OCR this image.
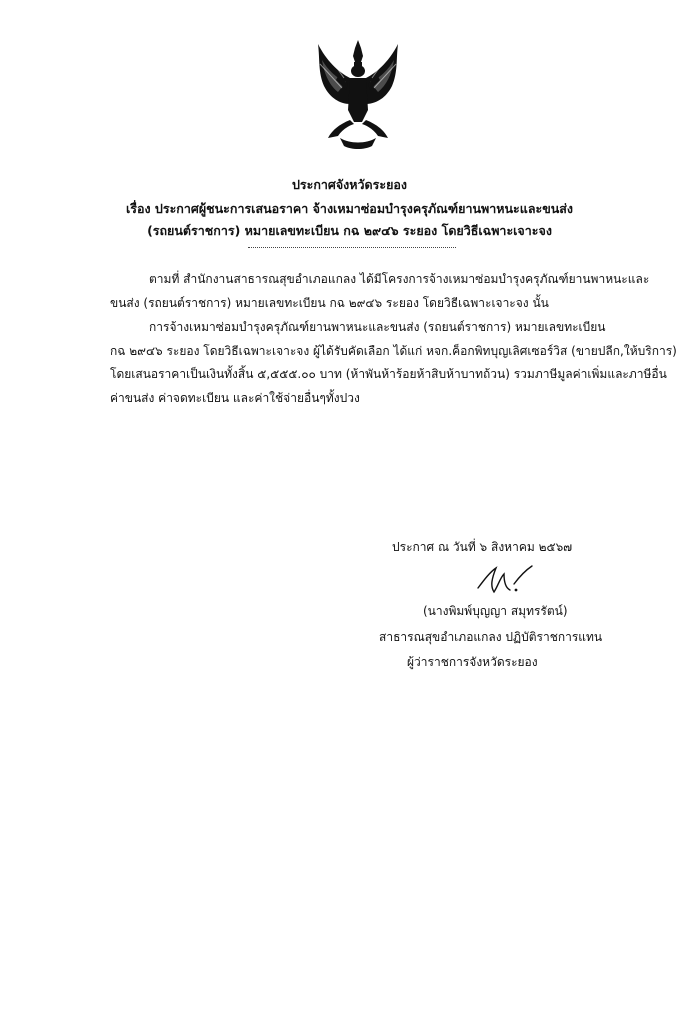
ประกาศจังหวัดระยอง
เรื่อง ประกาศผู้ชนะการเสนอราคา จ้างเหมาซ่อมบำรุงครุภัณฑ์ยานพาหนะและขนส่ง
(รถยนต์ราชการ) หมายเลขทะเบียน กฉ ๒๙๔๖ ระยอง โดยวิธีเฉพาะเจาะจง
ตามที่ สำนักงานสาธารณสุขอำเภอแกลง ได้มีโครงการจ้างเหมาซ่อมบำรุงครุภัณฑ์ยานพาหนะและ
ขนส่ง (รถยนต์ราชการ) หมายเลขทะเบียน กฉ ๒๙๔๖ ระยอง โดยวิธีเฉพาะเจาะจง นั้น
การจ้างเหมาซ่อมบำรุงครุภัณฑ์ยานพาหนะและขนส่ง (รถยนต์ราชการ) หมายเลขทะเบียน
กฉ ๒๙๔๖ ระยอง โดยวิธีเฉพาะเจาะจง ผู้ได้รับคัดเลือก ได้แก่ หจก.ค็อกพิทบุญเลิศเซอร์วิส (ขายปลีก,ให้บริการ)
โดยเสนอราคาเป็นเงินทั้งสิ้น ๕,๕๕๕.๐๐ บาท (ห้าพันห้าร้อยห้าสิบห้าบาทถ้วน) รวมภาษีมูลค่าเพิ่มและภาษีอื่น
ค่าขนส่ง ค่าจดทะเบียน และค่าใช้จ่ายอื่นๆทั้งปวง
ประกาศ ณ วันที่ ๖ สิงหาคม ๒๕๖๗
(นางพิมพ์บุญญา สมุทรรัตน์)
สาธารณสุขอำเภอแกลง ปฏิบัติราชการแทน
ผู้ว่าราชการจังหวัดระยอง
